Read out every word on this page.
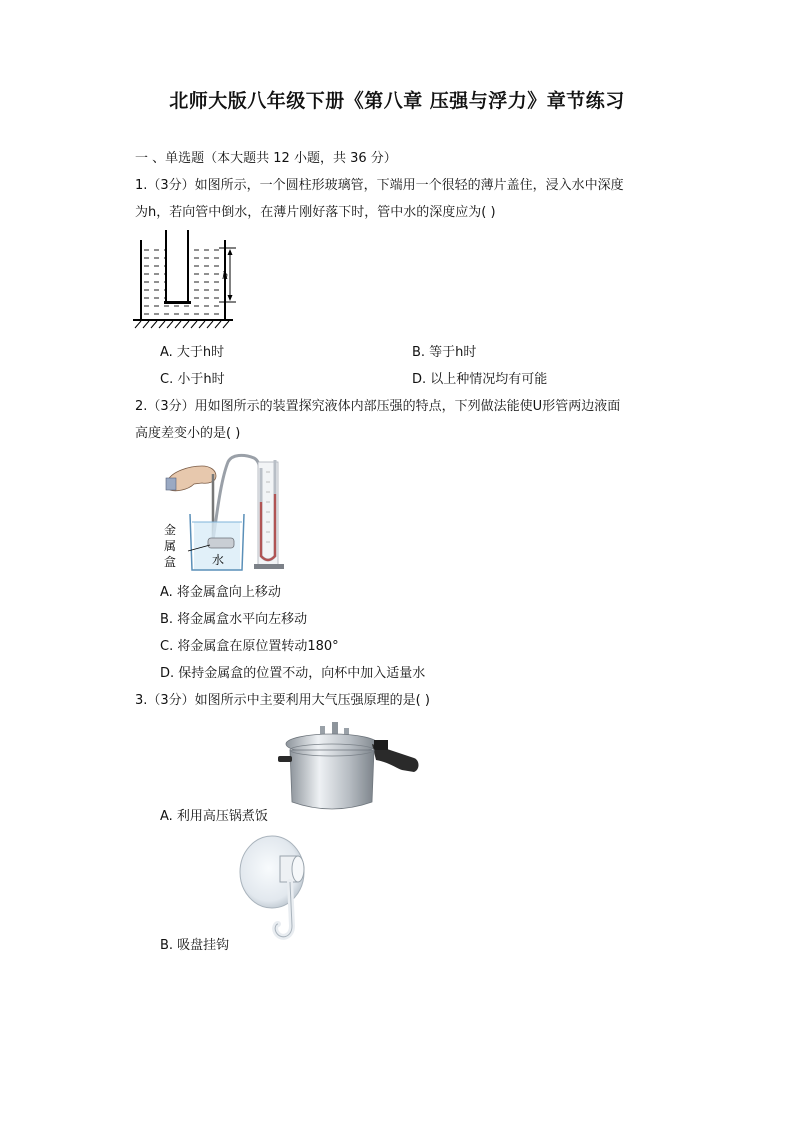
北师大版八年级下册《第八章 压强与浮力》章节练习
一 、单选题（本大题共 12 小题，共 36 分）
1.（3分）如图所示，一个圆柱形玻璃管，下端用一个很轻的薄片盖住，浸入水中深度
为h，若向管中倒水，在薄片刚好落下时，管中水的深度应为( )
h
A. 大于h时	B. 等于h时
C. 小于h时	D. 以上种情况均有可能
2.（3分）用如图所示的装置探究液体内部压强的特点，下列做法能使U形管两边液面
高度差变小的是( )
金
属
盒	水
A. 将金属盒向上移动
B. 将金属盒水平向左移动
C. 将金属盒在原位置转动180°
D. 保持金属盒的位置不动，向杯中加入适量水
3.（3分）如图所示中主要利用大气压强原理的是( )
A. 利用高压锅煮饭
B. 吸盘挂钩
